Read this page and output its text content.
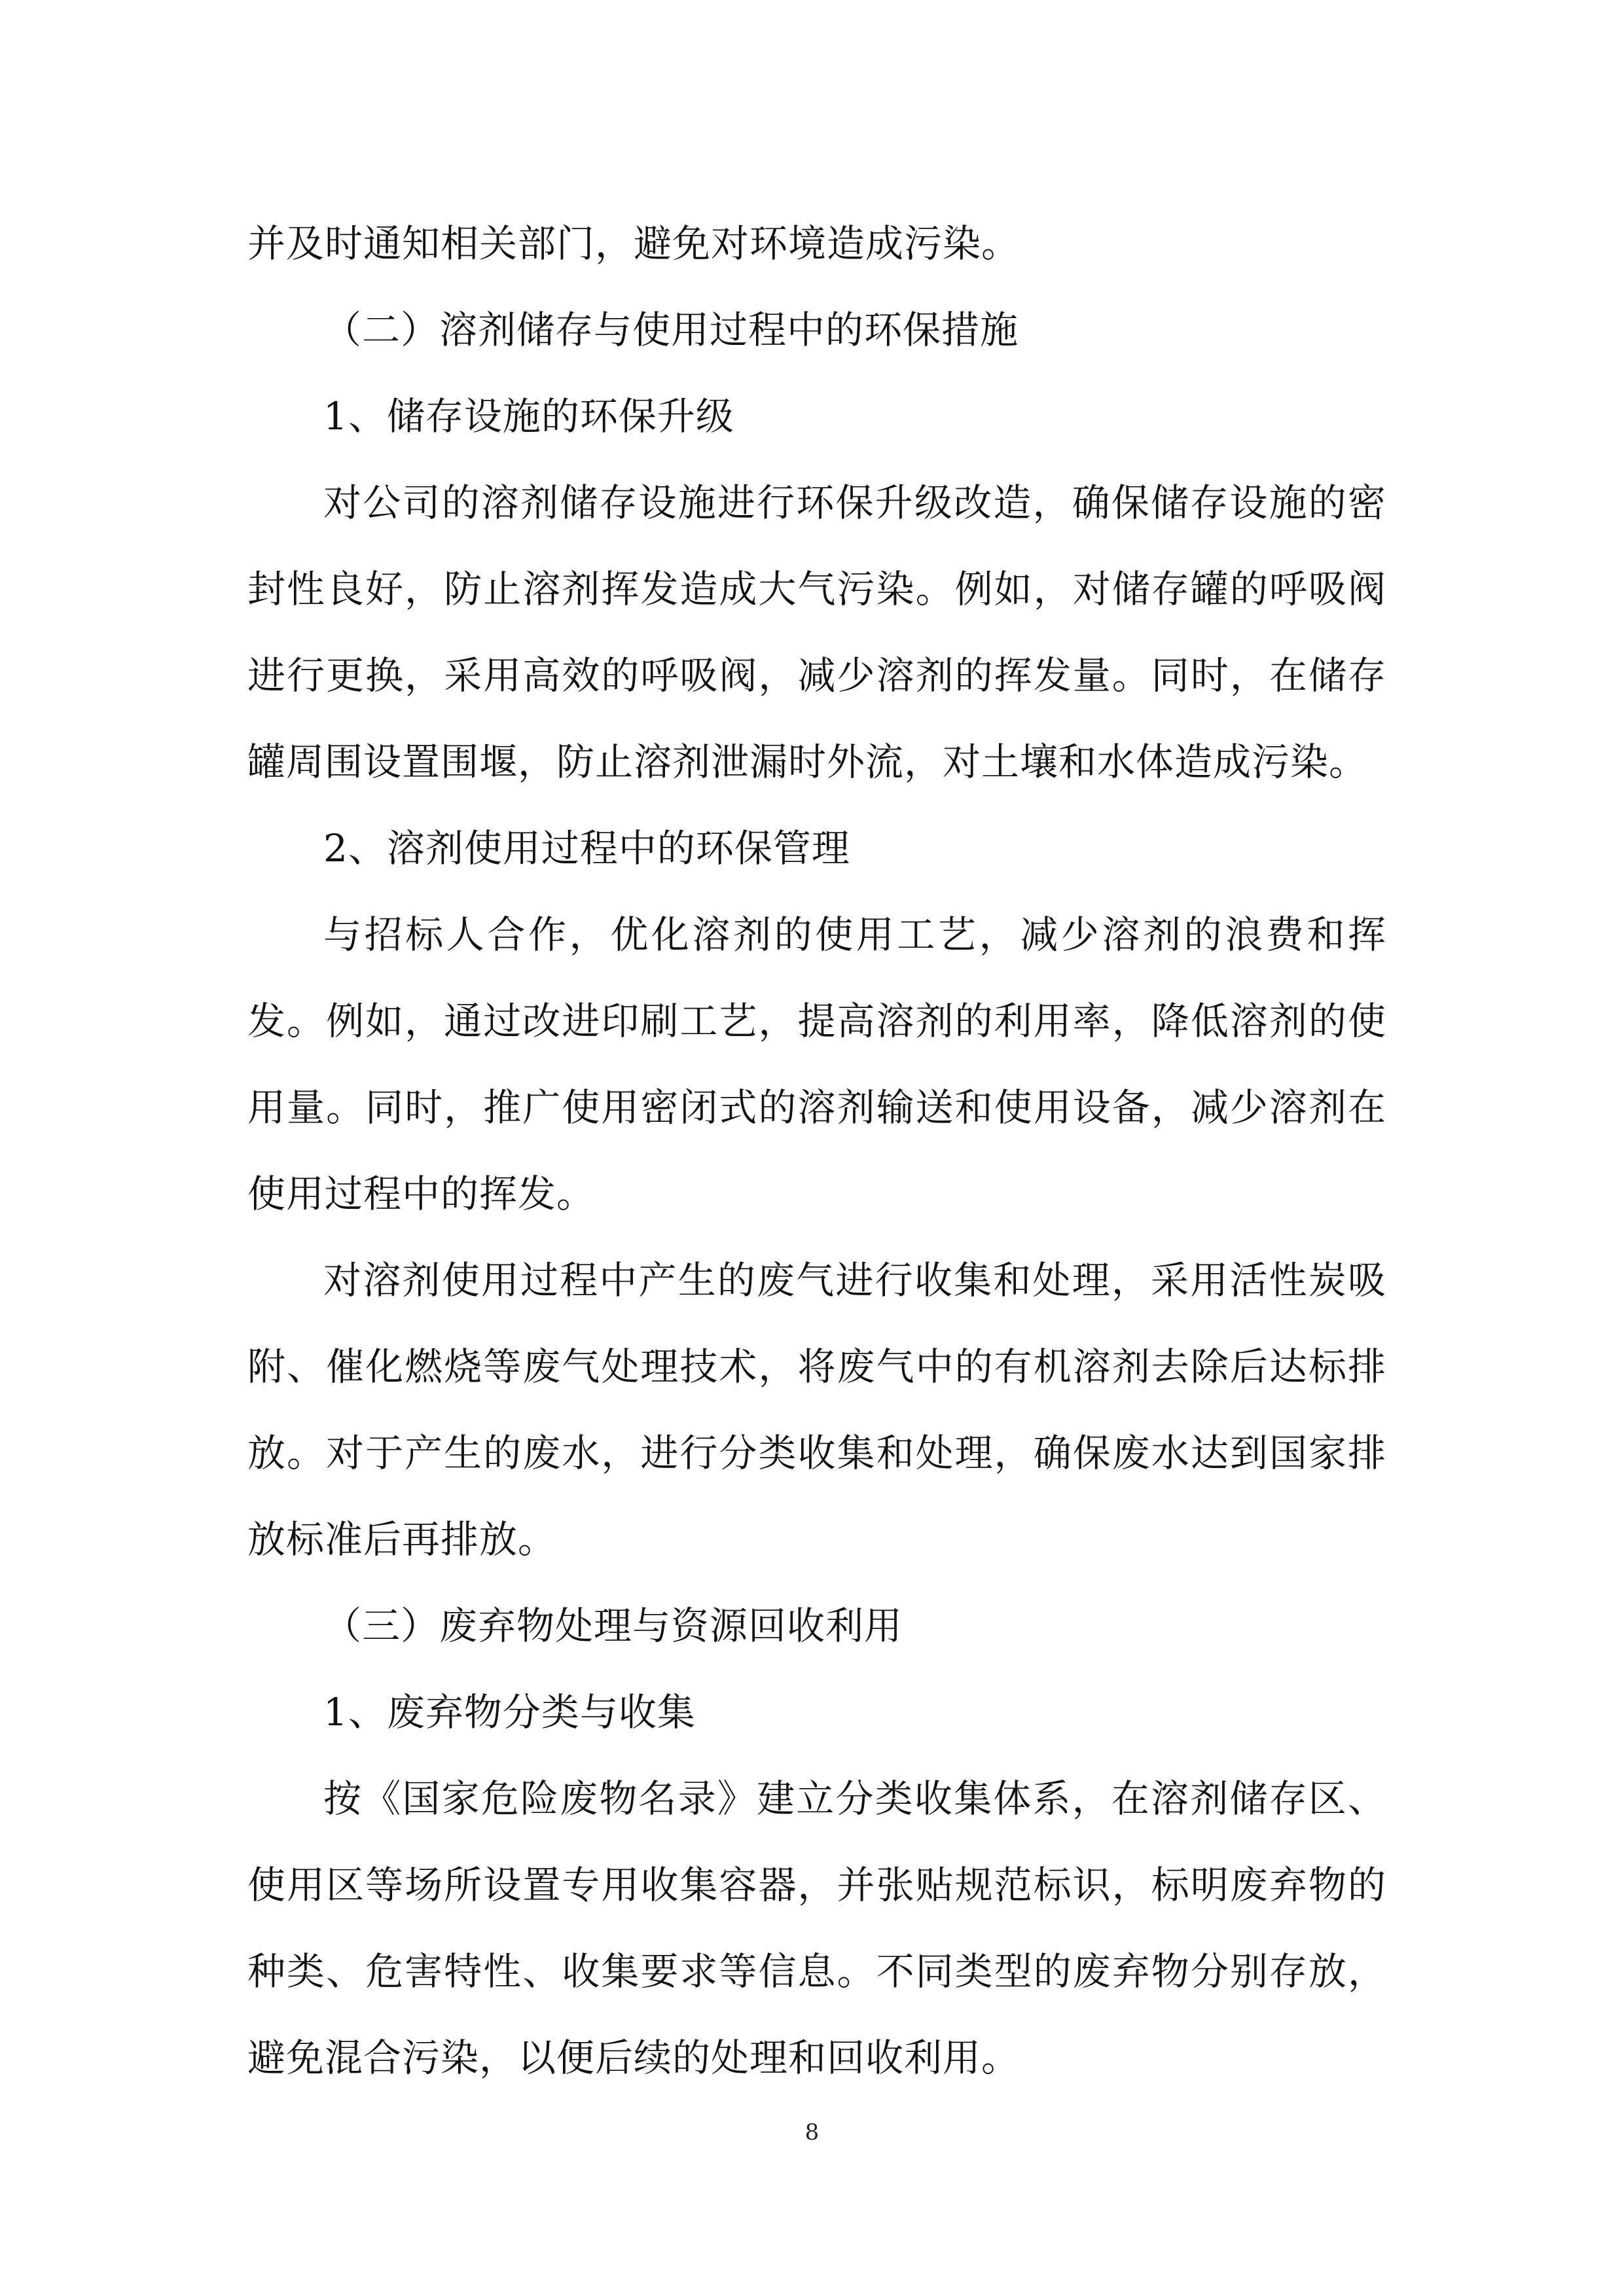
并及时通知相关部门，避免对环境造成污染。

（二）溶剂储存与使用过程中的环保措施

1、储存设施的环保升级

对公司的溶剂储存设施进行环保升级改造，确保储存设施的密封性良好，防止溶剂挥发造成大气污染。例如，对储存罐的呼吸阀进行更换，采用高效的呼吸阀，减少溶剂的挥发量。同时，在储存罐周围设置围堰，防止溶剂泄漏时外流，对土壤和水体造成污染。

2、溶剂使用过程中的环保管理

与招标人合作，优化溶剂的使用工艺，减少溶剂的浪费和挥发。例如，通过改进印刷工艺，提高溶剂的利用率，降低溶剂的使用量。同时，推广使用密闭式的溶剂输送和使用设备，减少溶剂在使用过程中的挥发。

对溶剂使用过程中产生的废气进行收集和处理，采用活性炭吸附、催化燃烧等废气处理技术，将废气中的有机溶剂去除后达标排放。对于产生的废水，进行分类收集和处理，确保废水达到国家排放标准后再排放。

（三）废弃物处理与资源回收利用

1、废弃物分类与收集

按《国家危险废物名录》建立分类收集体系，在溶剂储存区、使用区等场所设置专用收集容器，并张贴规范标识，标明废弃物的种类、危害特性、收集要求等信息。不同类型的废弃物分别存放，避免混合污染，以便后续的处理和回收利用。

8
